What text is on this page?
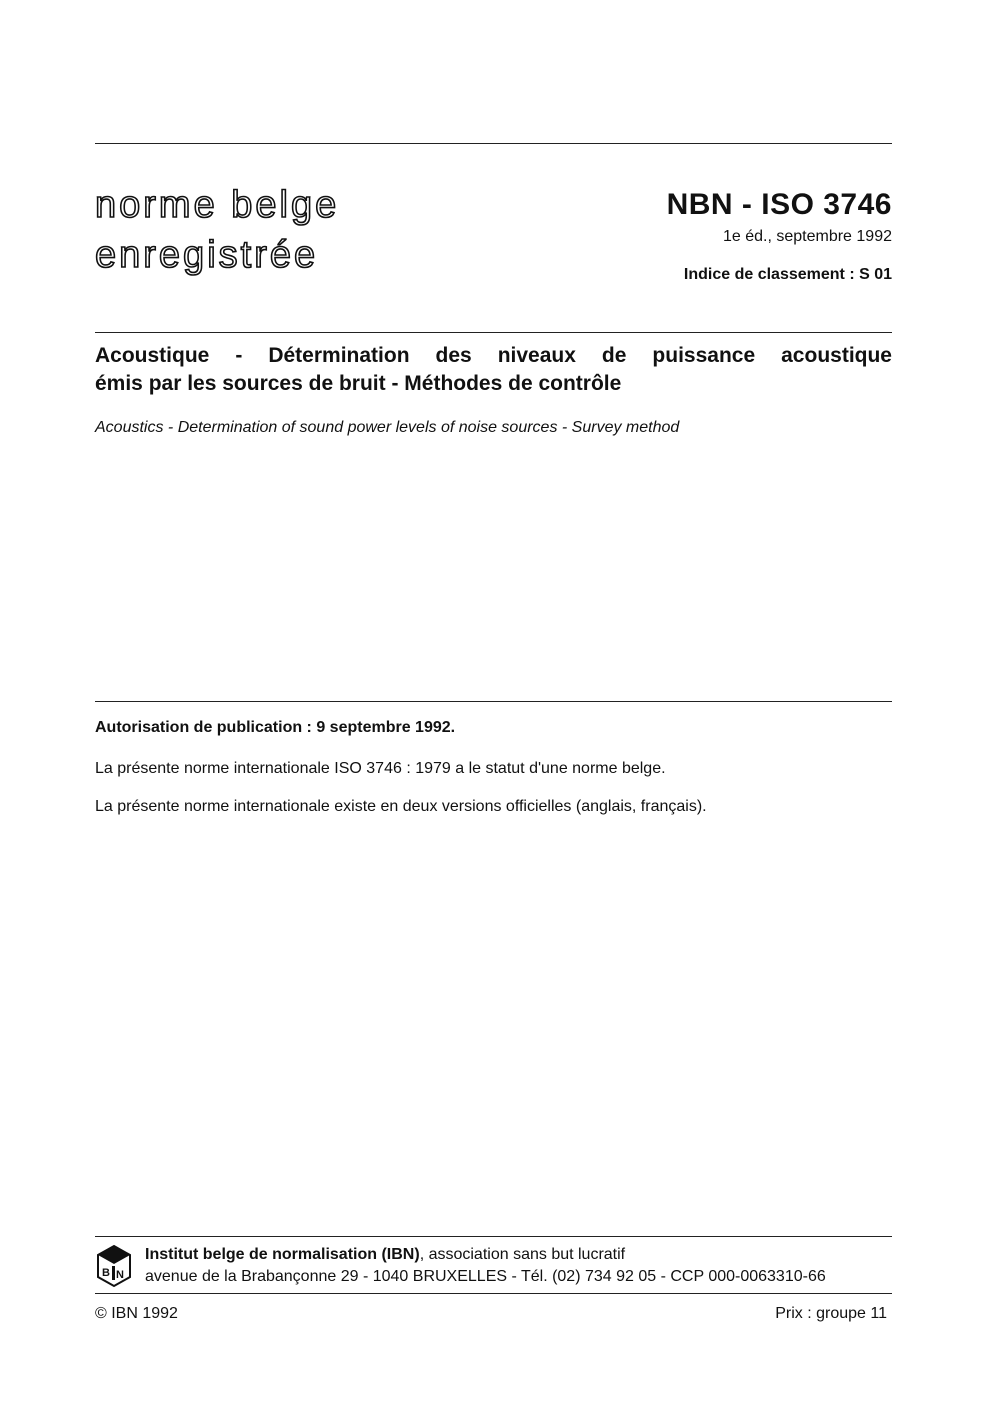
norme belge
enregistrée
NBN - ISO 3746
1e éd., septembre 1992
Indice de classement : S 01
Acoustique - Détermination des niveaux de puissance acoustique
émis par les sources de bruit - Méthodes de contrôle
Acoustics - Determination of sound power levels of noise sources - Survey method
Autorisation de publication : 9 septembre 1992.
La présente norme internationale ISO 3746 : 1979 a le statut d'une norme belge.
La présente norme internationale existe en deux versions officielles (anglais, français).
B N
Institut belge de normalisation (IBN), association sans but lucratif
avenue de la Brabançonne 29 - 1040 BRUXELLES - Tél. (02) 734 92 05 - CCP 000-0063310-66
© IBN 1992	Prix : groupe 11
